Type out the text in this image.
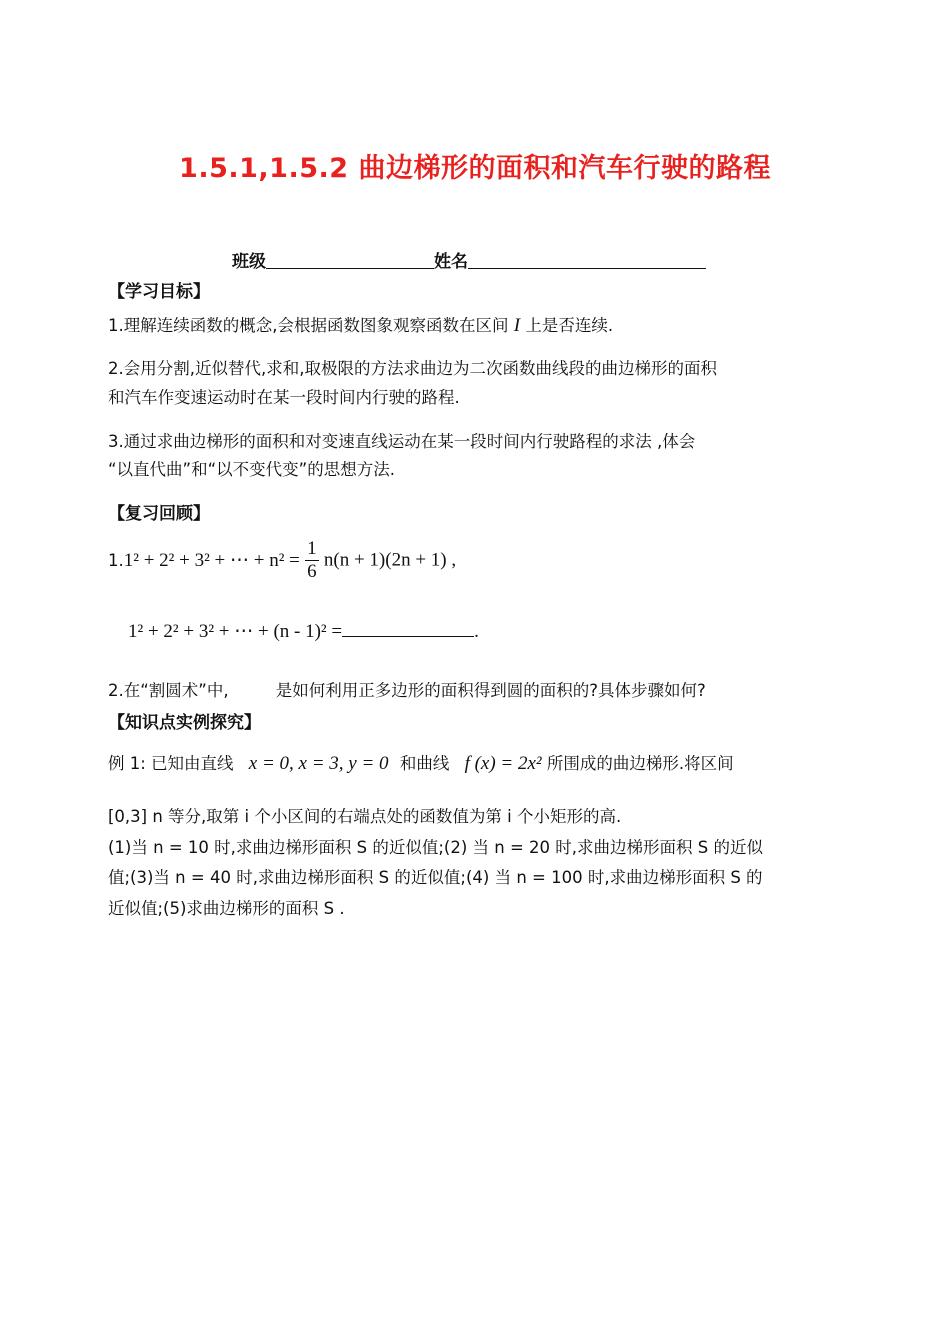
1.5.1,1.5.2 曲边梯形的面积和汽车行驶的路程
班级	姓名
【学习目标】
1.理解连续函数的概念,会根据函数图象观察函数在区间 I 上是否连续.
2.会用分割,近似替代,求和,取极限的方法求曲边为二次函数曲线段的曲边梯形的面积
和汽车作变速运动时在某一段时间内行驶的路程.
3.通过求曲边梯形的面积和对变速直线运动在某一段时间内行驶路程的求法 ,体会
“以直代曲”和“以不变代变”的思想方法.
【复习回顾】
1.1² + 2² + 3² + ⋯ + $n^2 = \frac{1}{6} n(n + 1)(2n + 1)$ ,
1² + 2² + 3² + ⋯ + (n - 1)² =	.
2.在“割圆术”中,         是如何利用正多边形的面积得到圆的面积的?具体步骤如何?
【知识点实例探究】
例 1: 已知由直线 x = 0, x = 3, y = 0 和曲线 f (x) = 2x² 所围成的曲边梯形.将区间
[0,3] n 等分,取第 i 个小区间的右端点处的函数值为第 i 个小矩形的高.
(1)当 n = 10 时,求曲边梯形面积 S 的近似值;(2) 当 n = 20 时,求曲边梯形面积 S 的近似
值;(3)当 n = 40 时,求曲边梯形面积 S 的近似值;(4) 当 n = 100 时,求曲边梯形面积 S 的
近似值;(5)求曲边梯形的面积 S .
